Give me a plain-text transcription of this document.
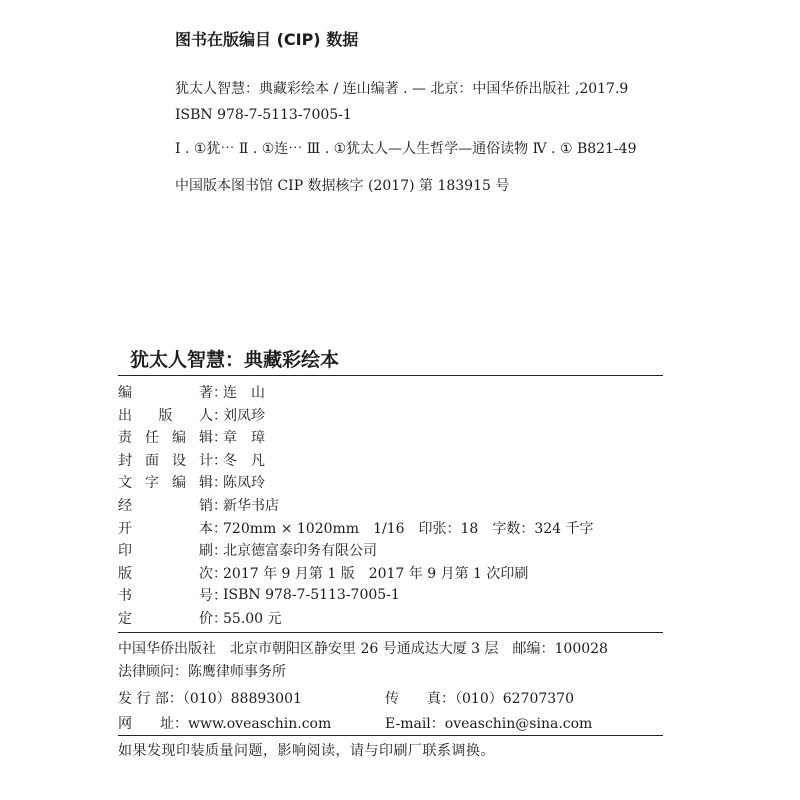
图书在版编目 (CIP) 数据
犹太人智慧：典藏彩绘本 / 连山编著 . — 北京：中国华侨出版社 ,2017.9
ISBN 978-7-5113-7005-1
Ⅰ . ①犹⋯ Ⅱ . ①连⋯ Ⅲ . ①犹太人—人生哲学—通俗读物 Ⅳ . ① B821-49
中国版本图书馆 CIP 数据核字 (2017) 第 183915 号
犹太人智慧：典藏彩绘本
编著 ：
连　山
出版人 ：
刘凤珍
责任编辑 ：
章　璋
封面设计 ：
冬　凡
文字编辑 ：
陈凤玲
经销 ：
新华书店
开本 ：
720mm × 1020mm　1/16　印张：18　字数：324 千字
印刷 ：
北京德富泰印务有限公司
版次 ：
2017 年 9 月第 1 版　2017 年 9 月第 1 次印刷
书号 ：
ISBN 978-7-5113-7005-1
定价 ：
55.00 元
中国华侨出版社　北京市朝阳区静安里 26 号通成达大厦 3 层　邮编：100028
法律顾问：陈鹰律师事务所
发 行 部：（010）88893001	传　　真：（010）62707370
网　　址：www.oveaschin.com	E-mail：oveaschin@sina.com
如果发现印装质量问题，影响阅读，请与印刷厂联系调换。
